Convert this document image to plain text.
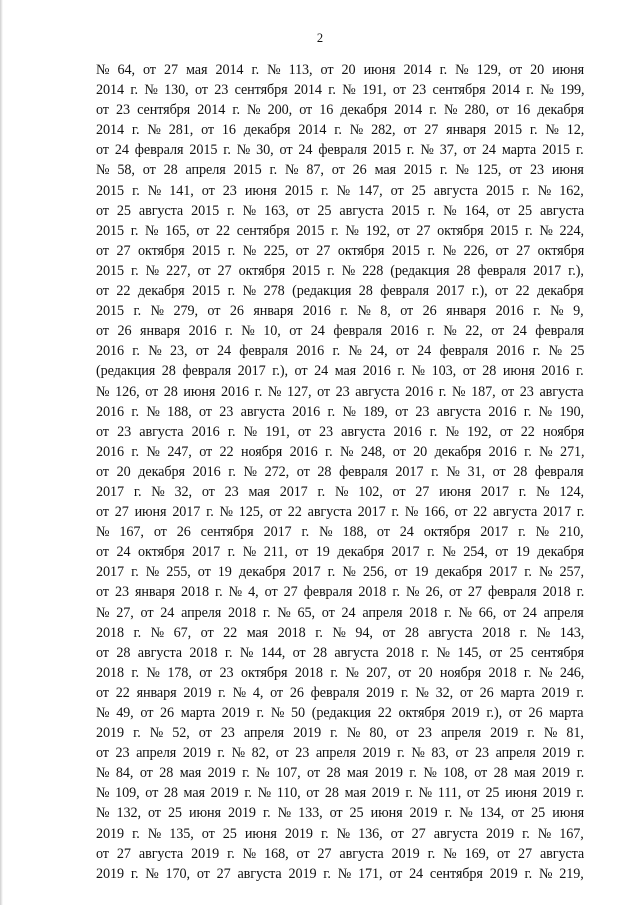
2
№ 64, от 27 мая 2014 г. № 113, от 20 июня 2014 г. № 129, от 20 июня
2014 г. № 130, от 23 сентября 2014 г. № 191, от 23 сентября 2014 г. № 199,
от 23 сентября 2014 г. № 200, от 16 декабря 2014 г. № 280, от 16 декабря
2014 г. № 281, от 16 декабря 2014 г. № 282, от 27 января 2015 г. № 12,
от 24 февраля 2015 г. № 30, от 24 февраля 2015 г. № 37, от 24 марта 2015 г.
№ 58, от 28 апреля 2015 г. № 87, от 26 мая 2015 г. № 125, от 23 июня
2015 г. № 141, от 23 июня 2015 г. № 147, от 25 августа 2015 г. № 162,
от 25 августа 2015 г. № 163, от 25 августа 2015 г. № 164, от 25 августа
2015 г. № 165, от 22 сентября 2015 г. № 192, от 27 октября 2015 г. № 224,
от 27 октября 2015 г. № 225, от 27 октября 2015 г. № 226, от 27 октября
2015 г. № 227, от 27 октября 2015 г. № 228 (редакция 28 февраля 2017 г.),
от 22 декабря 2015 г. № 278 (редакция 28 февраля 2017 г.), от 22 декабря
2015 г. № 279, от 26 января 2016 г. № 8, от 26 января 2016 г. № 9,
от 26 января 2016 г. № 10, от 24 февраля 2016 г. № 22, от 24 февраля
2016 г. № 23, от 24 февраля 2016 г. № 24, от 24 февраля 2016 г. № 25
(редакция 28 февраля 2017 г.), от 24 мая 2016 г. № 103, от 28 июня 2016 г.
№ 126, от 28 июня 2016 г. № 127, от 23 августа 2016 г. № 187, от 23 августа
2016 г. № 188, от 23 августа 2016 г. № 189, от 23 августа 2016 г. № 190,
от 23 августа 2016 г. № 191, от 23 августа 2016 г. № 192, от 22 ноября
2016 г. № 247, от 22 ноября 2016 г. № 248, от 20 декабря 2016 г. № 271,
от 20 декабря 2016 г. № 272, от 28 февраля 2017 г. № 31, от 28 февраля
2017 г. № 32, от 23 мая 2017 г. № 102, от 27 июня 2017 г. № 124,
от 27 июня 2017 г. № 125, от 22 августа 2017 г. № 166, от 22 августа 2017 г.
№ 167, от 26 сентября 2017 г. № 188, от 24 октября 2017 г. № 210,
от 24 октября 2017 г. № 211, от 19 декабря 2017 г. № 254, от 19 декабря
2017 г. № 255, от 19 декабря 2017 г. № 256, от 19 декабря 2017 г. № 257,
от 23 января 2018 г. № 4, от 27 февраля 2018 г. № 26, от 27 февраля 2018 г.
№ 27, от 24 апреля 2018 г. № 65, от 24 апреля 2018 г. № 66, от 24 апреля
2018 г. № 67, от 22 мая 2018 г. № 94, от 28 августа 2018 г. № 143,
от 28 августа 2018 г. № 144, от 28 августа 2018 г. № 145, от 25 сентября
2018 г. № 178, от 23 октября 2018 г. № 207, от 20 ноября 2018 г. № 246,
от 22 января 2019 г. № 4, от 26 февраля 2019 г. № 32, от 26 марта 2019 г.
№ 49, от 26 марта 2019 г. № 50 (редакция 22 октября 2019 г.), от 26 марта
2019 г. № 52, от 23 апреля 2019 г. № 80, от 23 апреля 2019 г. № 81,
от 23 апреля 2019 г. № 82, от 23 апреля 2019 г. № 83, от 23 апреля 2019 г.
№ 84, от 28 мая 2019 г. № 107, от 28 мая 2019 г. № 108, от 28 мая 2019 г.
№ 109, от 28 мая 2019 г. № 110, от 28 мая 2019 г. № 111, от 25 июня 2019 г.
№ 132, от 25 июня 2019 г. № 133, от 25 июня 2019 г. № 134, от 25 июня
2019 г. № 135, от 25 июня 2019 г. № 136, от 27 августа 2019 г. № 167,
от 27 августа 2019 г. № 168, от 27 августа 2019 г. № 169, от 27 августа
2019 г. № 170, от 27 августа 2019 г. № 171, от 24 сентября 2019 г. № 219,
